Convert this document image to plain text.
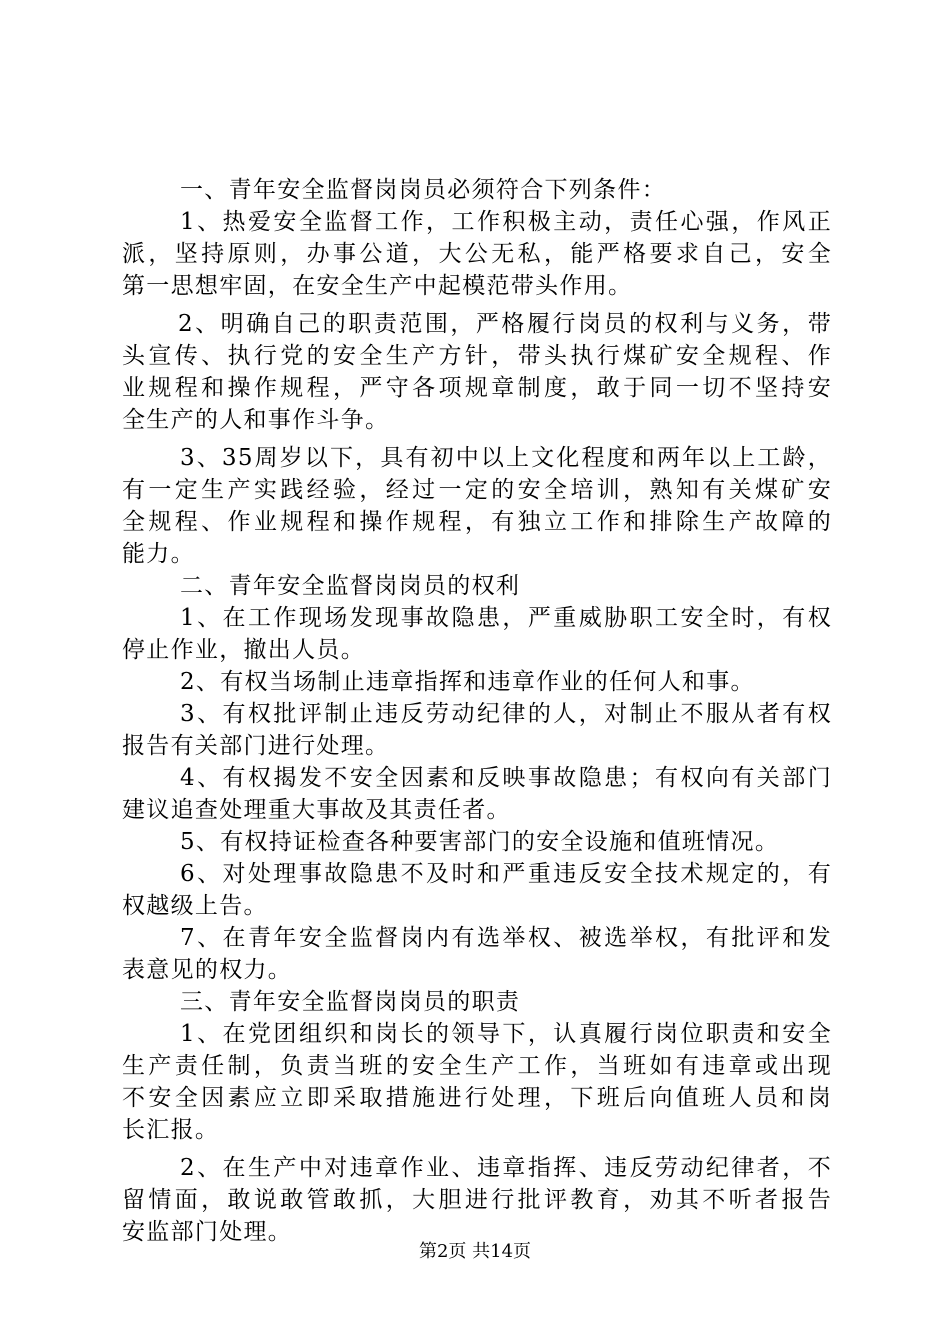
一、青年安全监督岗岗员必须符合下列条件：
1、热爱安全监督工作，工作积极主动，责任心强，作风正
派，坚持原则，办事公道，大公无私，能严格要求自己，安全
第一思想牢固，在安全生产中起模范带头作用。
2、明确自己的职责范围，严格履行岗员的权利与义务，带
头宣传、执行党的安全生产方针，带头执行煤矿安全规程、作
业规程和操作规程，严守各项规章制度，敢于同一切不坚持安
全生产的人和事作斗争。
3、35周岁以下，具有初中以上文化程度和两年以上工龄，
有一定生产实践经验，经过一定的安全培训，熟知有关煤矿安
全规程、作业规程和操作规程，有独立工作和排除生产故障的
能力。
二、青年安全监督岗岗员的权利
1、在工作现场发现事故隐患，严重威胁职工安全时，有权
停止作业，撤出人员。
2、有权当场制止违章指挥和违章作业的任何人和事。
3、有权批评制止违反劳动纪律的人，对制止不服从者有权
报告有关部门进行处理。
4、有权揭发不安全因素和反映事故隐患；有权向有关部门
建议追查处理重大事故及其责任者。
5、有权持证检查各种要害部门的安全设施和值班情况。
6、对处理事故隐患不及时和严重违反安全技术规定的，有
权越级上告。
7、在青年安全监督岗内有选举权、被选举权，有批评和发
表意见的权力。
三、青年安全监督岗岗员的职责
1、在党团组织和岗长的领导下，认真履行岗位职责和安全
生产责任制，负责当班的安全生产工作，当班如有违章或出现
不安全因素应立即采取措施进行处理，下班后向值班人员和岗
长汇报。
2、在生产中对违章作业、违章指挥、违反劳动纪律者，不
留情面，敢说敢管敢抓，大胆进行批评教育，劝其不听者报告
安监部门处理。
第2页 共14页
